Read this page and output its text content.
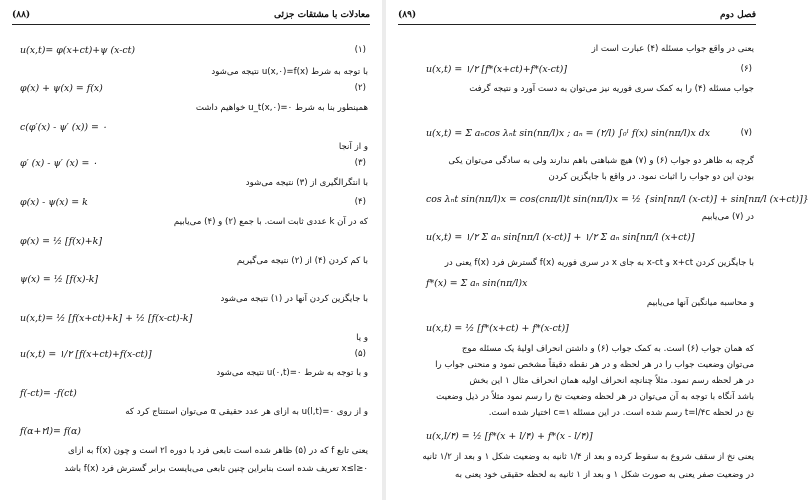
معادلات با مشتقات جزئی
(۸۸)
u(x,t)= φ(x+ct)+ψ (x-ct)	(۱)
با توجه به شرط u(x,۰)=f(x) نتیجه می‌شود
φ(x) + ψ(x) = f(x)	(۲)
همینطور بنا به شرط u_t(x,۰)=۰ خواهیم داشت
c(φ′(x) - ψ′ (x)) = ۰
و از آنجا
φ′ (x) - ψ′ (x) = ۰	(۳)
با انتگرالگیری از (۳) نتیجه می‌شود
φ(x) - ψ(x) = k	(۴)
که در آن k عددی ثابت است. با جمع (۲) و (۴) می‌یابیم
φ(x) = ½ [f(x)+k]
با کم کردن (۴) از (۲) نتیجه می‌گیریم
ψ(x) = ½ [f(x)-k]
با جایگزین کردن آنها در (۱) نتیجه می‌شود
u(x,t)= ½ [f(x+ct)+k] + ½ [f(x-ct)-k]
و یا
u(x,t) = ۱/۲ [f(x+ct)+f(x-ct)]	(۵)
و با توجه به شرط u(۰,t)=۰ نتیجه می‌شود
f(-ct)= -f(ct)
و از روی u(l,t)=۰ به ازای هر عدد حقیقی α می‌توان استنتاج کرد که
f(α+۲l)= f(α)
یعنی تابع f که در (۵) ظاهر شده است تابعی فرد با دوره ۲l است و چون f(x) به ازای
۰≤x≤l تعریف شده است بنابراین چنین تابعی می‌بایست برابر گسترش فرد f(x) باشد
(۸۹)	فصل دوم
یعنی در واقع جواب مسئله (۴) عبارت است از
u(x,t) = ۱/۲ [f*(x+ct)+f*(x-ct)]	(۶)
جواب مسئله (۴) را به کمک سری فوریه نیز می‌توان به دست آورد و نتیجه گرفت
u(x,t) = Σ aₙcos λₙt sin(nπ/l)x ; aₙ = (۲/l) ∫₀ˡ f(x) sin(nπ/l)x dx	(۷)
گرچه به ظاهر دو جواب (۶) و (۷) هیچ شباهتی باهم ندارند ولی به سادگی می‌توان یکی
بودن این دو جواب را اثبات نمود. در واقع با جایگزین کردن
cos λₙt sin(nπ/l)x = cos(cnπ/l)t sin(nπ/l)x = ½ {sin[nπ/l (x-ct)] + sin[nπ/l (x+ct)]}
در (۷) می‌یابیم
u(x,t) = ۱/۲ Σ aₙ sin[nπ/l (x-ct)] + ۱/۲ Σ aₙ sin[nπ/l (x+ct)]
با جایگزین کردن x+ct و x-ct به جای x در سری فوریه f(x) گسترش فرد f(x) یعنی در
f*(x) = Σ aₙ sin(nπ/l)x
و محاسبه میانگین آنها می‌یابیم
u(x,t) = ½ [f*(x+ct) + f*(x-ct)]
که همان جواب (۶) است. به کمک جواب (۶) و داشتن انحراف اولیهٔ یک مسئله موج
می‌توان وضعیت جواب را در هر لحظه و در هر نقطه دقیقاً مشخص نمود و منحنی جواب را
در هر لحظه رسم نمود. مثلاً چنانچه انحراف اولیه همان انحراف مثال ۱ این بخش
باشد آنگاه با توجه به آن می‌توان در هر لحظه وضعیت نخ را رسم نمود مثلاً در ذیل وضعیت
نخ در لحظه t=l/۴c رسم شده است. در این مسئله c=۱ اختیار شده است.
u(x,l/۴) = ½ [f*(x + l/۴) + f*(x - l/۴)]
یعنی نخ از سقف شروع به سقوط کرده و بعد از ۱/۴ ثانیه به وضعیت شکل ۱ و بعد از ۱/۲ ثانیه
در وضعیت صفر یعنی به صورت شکل ۱ و بعد از ۱ ثانیه به لحظه حقیقی خود یعنی به
